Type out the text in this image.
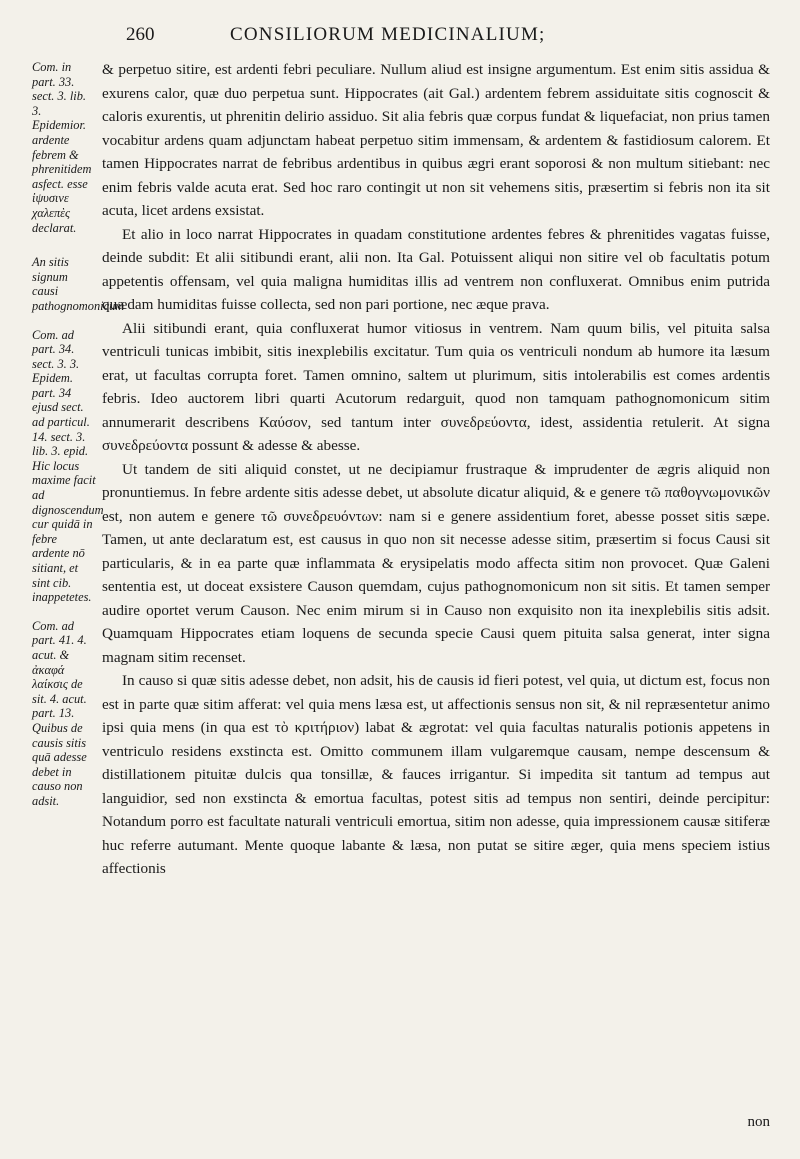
260	CONSILIORUM MEDICINALIUM;

Com. in part. 33. sect. 3. lib. 3. Epidemior. ardente febrem & phrenitidem asfect. esse ἰψυσινε χαλεπὲς declarat.

An sitis signum causi pathognomonicum

Com. ad part. 34. sect. 3. 3. Epidem. part. 34 ejusd sect. ad particul. 14. sect. 3. lib. 3. epid. Hic locus maxime facit ad dignoscendum cur quidā in febre ardente nō sitiant, et sint cib. inappetetes.

Com. ad part. 41. 4. acut. & ἀκαφά λαίκσις de sit. 4. acut. part. 13. Quibus de causis sitis quā adesse debet in causo non adsit.

& perpetuo sitire, est ardenti febri peculiare. Nullum aliud est insigne argumentum. Est enim sitis assidua & exurens calor, quæ duo perpetua sunt. Hippocrates (ait Gal.) ardentem febrem assiduitate sitis cognoscit & caloris exurentis, ut phrenitin delirio assiduo. Sit alia febris quæ corpus fundat & liquefaciat, non prius tamen vocabitur ardens quam adjunctam habeat perpetuo sitim immensam, & ardentem & fastidiosum calorem. Et tamen Hippocrates narrat de febribus ardentibus in quibus ægri erant soporosi & non multum sitiebant: nec enim febris valde acuta erat. Sed hoc raro contingit ut non sit vehemens sitis, præsertim si febris non ita sit acuta, licet ardens exsistat.

Et alio in loco narrat Hippocrates in quadam constitutione ardentes febres & phrenitides vagatas fuisse, deinde subdit: Et alii sitibundi erant, alii non. Ita Gal. Potuissent aliqui non sitire vel ob facultatis potum appetentis offensam, vel quia maligna humiditas illis ad ventrem non confluxerat. Omnibus enim putrida quædam humiditas fuisse collecta, sed non pari portione, nec æque prava.

Alii sitibundi erant, quia confluxerat humor vitiosus in ventrem. Nam quum bilis, vel pituita salsa ventriculi tunicas imbibit, sitis inexplebilis excitatur. Tum quia os ventriculi nondum ab humore ita læsum erat, ut facultas corrupta foret. Tamen omnino, saltem ut plurimum, sitis intolerabilis est comes ardentis febris. Ideo auctorem libri quarti Acutorum redarguit, quod non tamquam pathognomonicum sitim annumerarit describens Καύσον, sed tantum inter συνεδρεύοντα, idest, assidentia retulerit. At signa συνεδρεύοντα possunt & adesse & abesse.

Ut tandem de siti aliquid constet, ut ne decipiamur frustraque & imprudenter de ægris aliquid non pronuntiemus. In febre ardente sitis adesse debet, ut absolute dicatur aliquid, & e genere τῶ παθογνωμονικῶν est, non autem e genere τῶ συνεδρευόντων: nam si e genere assidentium foret, abesse posset sitis sæpe. Tamen, ut ante declaratum est, est causus in quo non sit necesse adesse sitim, præsertim si focus Causi sit particularis, & in ea parte quæ inflammata & erysipelatis modo affecta sitim non provocet. Quæ Galeni sententia est, ut doceat exsistere Causon quemdam, cujus pathognomonicum non sit sitis. Et tamen semper audire oportet verum Causon. Nec enim mirum si in Causo non exquisito non ita inexplebilis sitis adsit. Quamquam Hippocrates etiam loquens de secunda specie Causi quem pituita salsa generat, inter signa magnam sitim recenset.

In causo si quæ sitis adesse debet, non adsit, his de causis id fieri potest, vel quia, ut dictum est, focus non est in parte quæ sitim afferat: vel quia mens læsa est, ut affectionis sensus non sit, & nil repræsentetur animo ipsi quia mens (in qua est τὸ κριτήριον) labat & ægrotat: vel quia facultas naturalis potionis appetens in ventriculo residens exstincta est. Omitto communem illam vulgaremque causam, nempe descensum & distillationem pituitæ dulcis qua tonsillæ, & fauces irrigantur. Si impedita sit tantum ad tempus aut languidior, sed non exstincta & emortua facultas, potest sitis ad tempus non sentiri, deinde percipitur: Notandum porro est facultate naturali ventriculi emortua, sitim non adesse, quia impressionem causæ sitiferæ huc referre autumant. Mente quoque labante & læsa, non putat se sitire æger, quia mens speciem istius affectionis

non
